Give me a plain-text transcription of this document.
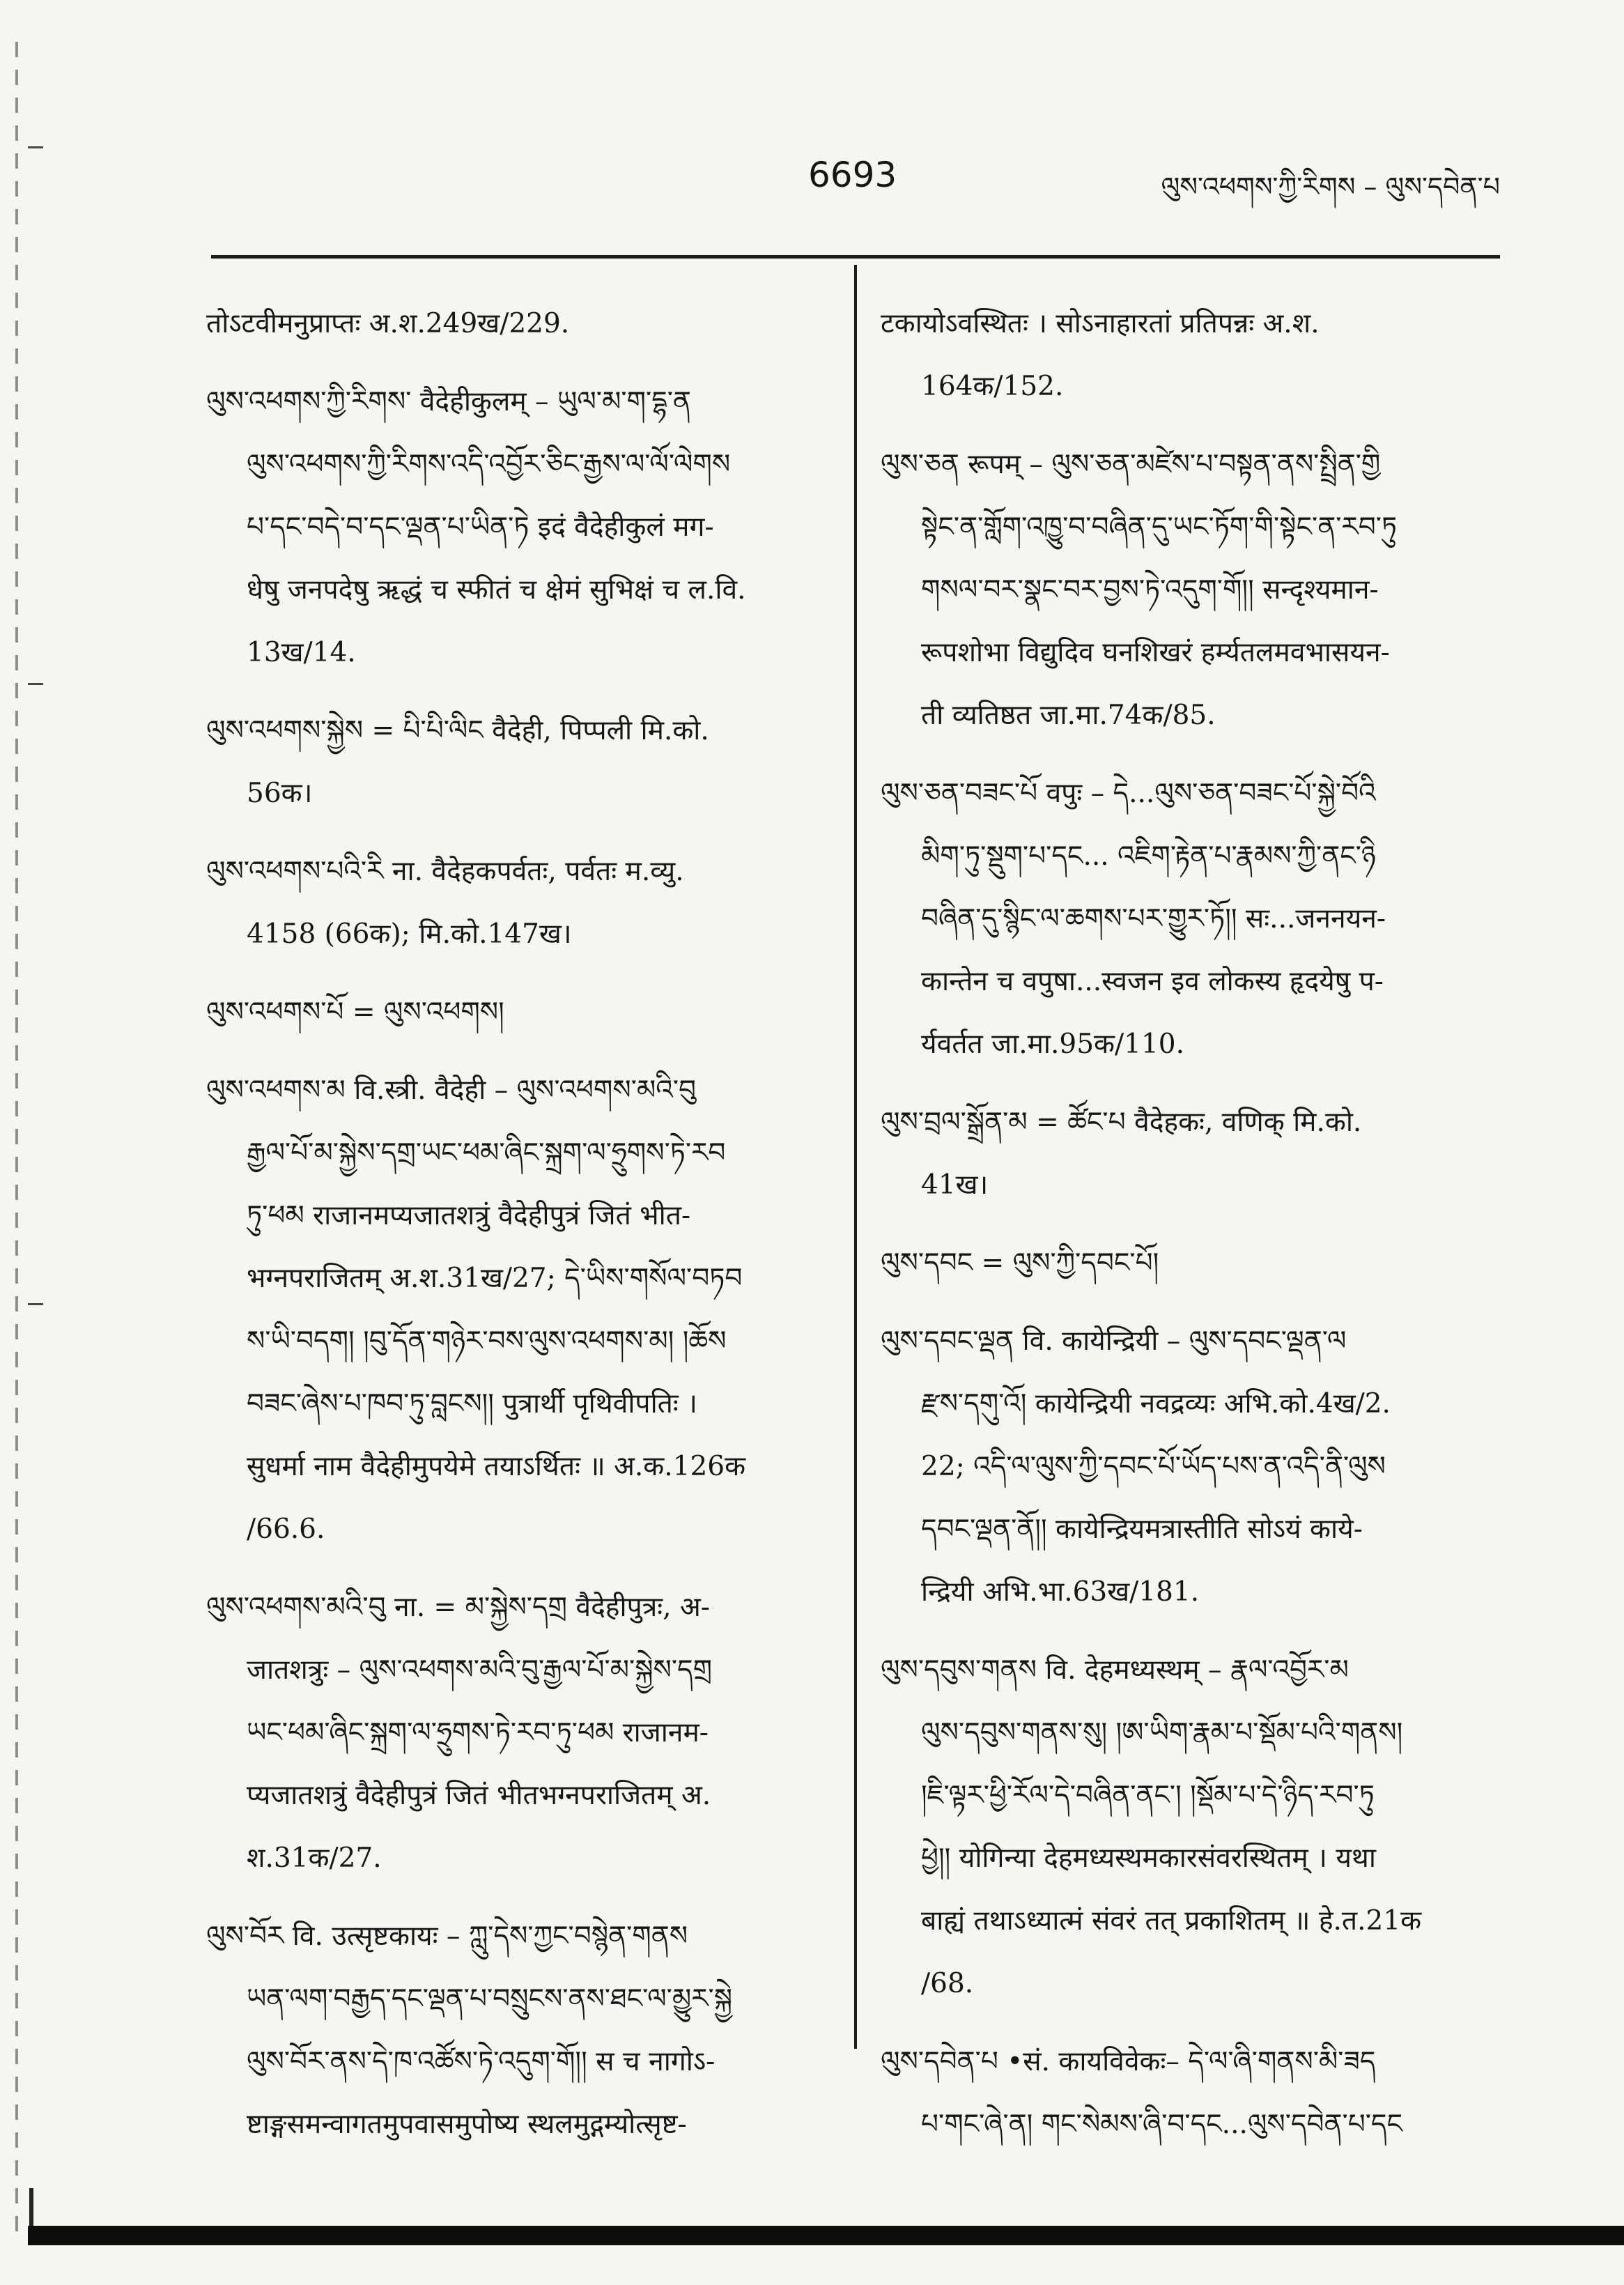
6693	ལུས་འཕགས་ཀྱི་རིགས – ལུས་དབེན་པ

तोऽटवीमनुप्राप्तः अ.श.249ख/229.

ལུས་འཕགས་ཀྱི་རིགས་ वैदेहीकुलम् – ཡུལ་མ་ག་དྷ་ན

ལུས་འཕགས་ཀྱི་རིགས་འདི་འབྱོར་ཅིང་རྒྱས་ལ་ལོ་ལེགས

པ་དང་བདེ་བ་དང་ལྡན་པ་ཡིན་ཏེ इदं वैदेहीकुलं मग-

धेषु जनपदेषु ऋद्धं च स्फीतं च क्षेमं सुभिक्षं च ल.वि.

13ख/14.

ལུས་འཕགས་སྐྱེས = པི་པི་ལིང वैदेही, पिप्पली मि.को.

56क।

ལུས་འཕགས་པའི་རི ना. वैदेहकपर्वतः, पर्वतः म.व्यु.

4158 (66क); मि.को.147ख।

ལུས་འཕགས་པོ = ལུས་འཕགས།

ལུས་འཕགས་མ वि.स्त्री. वैदेही – ལུས་འཕགས་མའི་བུ

རྒྱལ་པོ་མ་སྐྱེས་དགྲ་ཡང་ཕམ་ཞིང་སྐྲག་ལ་ཧྲུགས་ཏེ་རབ

ཏུ་ཕམ राजानमप्यजातशत्रुं वैदेहीपुत्रं जितं भीत-

भग्नपराजितम् अ.श.31ख/27; དེ་ཡིས་གསོལ་བཏབ

ས་ཡི་བདག། །བུ་དོན་གཉེར་བས་ལུས་འཕགས་མ། །ཆོས

བཟང་ཞེས་པ་ཁབ་ཏུ་བླངས།། पुत्रार्थी पृथिवीपतिः ।

सुधर्मा नाम वैदेहीमुपयेमे तयाऽर्थितः ॥ अ.क.126क

/66.6.

ལུས་འཕགས་མའི་བུ ना. = མ་སྐྱེས་དགྲ वैदेहीपुत्रः, अ-

जातशत्रुः – ལུས་འཕགས་མའི་བུ་རྒྱལ་པོ་མ་སྐྱེས་དགྲ

ཡང་ཕམ་ཞིང་སྐྲག་ལ་ཧྲུགས་ཏེ་རབ་ཏུ་ཕམ राजानम-

प्यजातशत्रुं वैदेहीपुत्रं जितं भीतभग्नपराजितम् अ.

श.31क/27.

ལུས་བོར वि. उत्सृष्टकायः – ཀླུ་དེས་ཀྱང་བསྙེན་གནས

ཡན་ལག་བརྒྱད་དང་ལྡན་པ་བསྲུངས་ནས་ཐང་ལ་མྱུར་སྐྱེ

ལུས་བོར་ནས་དེ་ཁ་འཚོས་ཏེ་འདུག་གོ།། स च नागोऽ-

ष्टाङ्गसमन्वागतमुपवासमुपोष्य स्थलमुद्गम्योत्सृष्ट-

टकायोऽवस्थितः । सोऽनाहारतां प्रतिपन्नः अ.श.

164क/152.

ལུས་ཅན रूपम् – ལུས་ཅན་མཛེས་པ་བསྟན་ནས་སྤྲིན་གྱི

སྟེང་ན་གློག་འཁྱུ་བ་བཞིན་དུ་ཡང་ཏོག་གི་སྟེང་ན་རབ་ཏུ

གསལ་བར་སྣང་བར་བྱས་ཏེ་འདུག་གོ།། सन्दृश्यमान-

रूपशोभा विद्युदिव घनशिखरं हर्म्यतलमवभासयन-

ती व्यतिष्ठत जा.मा.74क/85.

ལུས་ཅན་བཟང་པོ वपुः – དེ...ལུས་ཅན་བཟང་པོ་སྐྱེ་བོའི

མིག་ཏུ་སྡུག་པ་དང... འཇིག་རྟེན་པ་རྣམས་ཀྱི་ནང་ཉི

བཞིན་དུ་སྙིང་ལ་ཆགས་པར་གྱུར་ཏོ།། सः...जननयन-

कान्तेन च वपुषा...स्वजन इव लोकस्य हृदयेषु प-

र्यवर्तत जा.मा.95क/110.

ལུས་བྲལ་སྒྲོན་མ = ཚོང་པ वैदेहकः, वणिक् मि.को.

41ख।

ལུས་དབང = ལུས་ཀྱི་དབང་པོ།

ལུས་དབང་ལྡན वि. कायेन्द्रियी – ལུས་དབང་ལྡན་ལ

རྫས་དགུ་འོ། कायेन्द्रियी नवद्रव्यः अभि.को.4ख/2.

22; འདི་ལ་ལུས་ཀྱི་དབང་པོ་ཡོད་པས་ན་འདི་ནི་ལུས

དབང་ལྡན་ནོ།། कायेन्द्रियमत्रास्तीति सोऽयं काये-

न्द्रियी अभि.भा.63ख/181.

ལུས་དབུས་གནས वि. देहमध्यस्थम् – རྣལ་འབྱོར་མ

ལུས་དབུས་གནས་སུ། །ཨ་ཡིག་རྣམ་པ་སྡོམ་པའི་གནས།

།ཇི་ལྟར་ཕྱི་རོལ་དེ་བཞིན་ནང་། །སྡོམ་པ་དེ་ཉིད་རབ་ཏུ

ཕྱེ།། योगिन्या देहमध्यस्थमकारसंवरस्थितम् । यथा

बाह्यं तथाऽध्यात्मं संवरं तत् प्रकाशितम् ॥ हे.त.21क

/68.

ལུས་དབེན་པ •सं. कायविवेकः– དེ་ལ་ཞི་གནས་མི་ཟད

པ་གང་ཞེ་ན། གང་སེམས་ཞི་བ་དང...ལུས་དབེན་པ་དང
